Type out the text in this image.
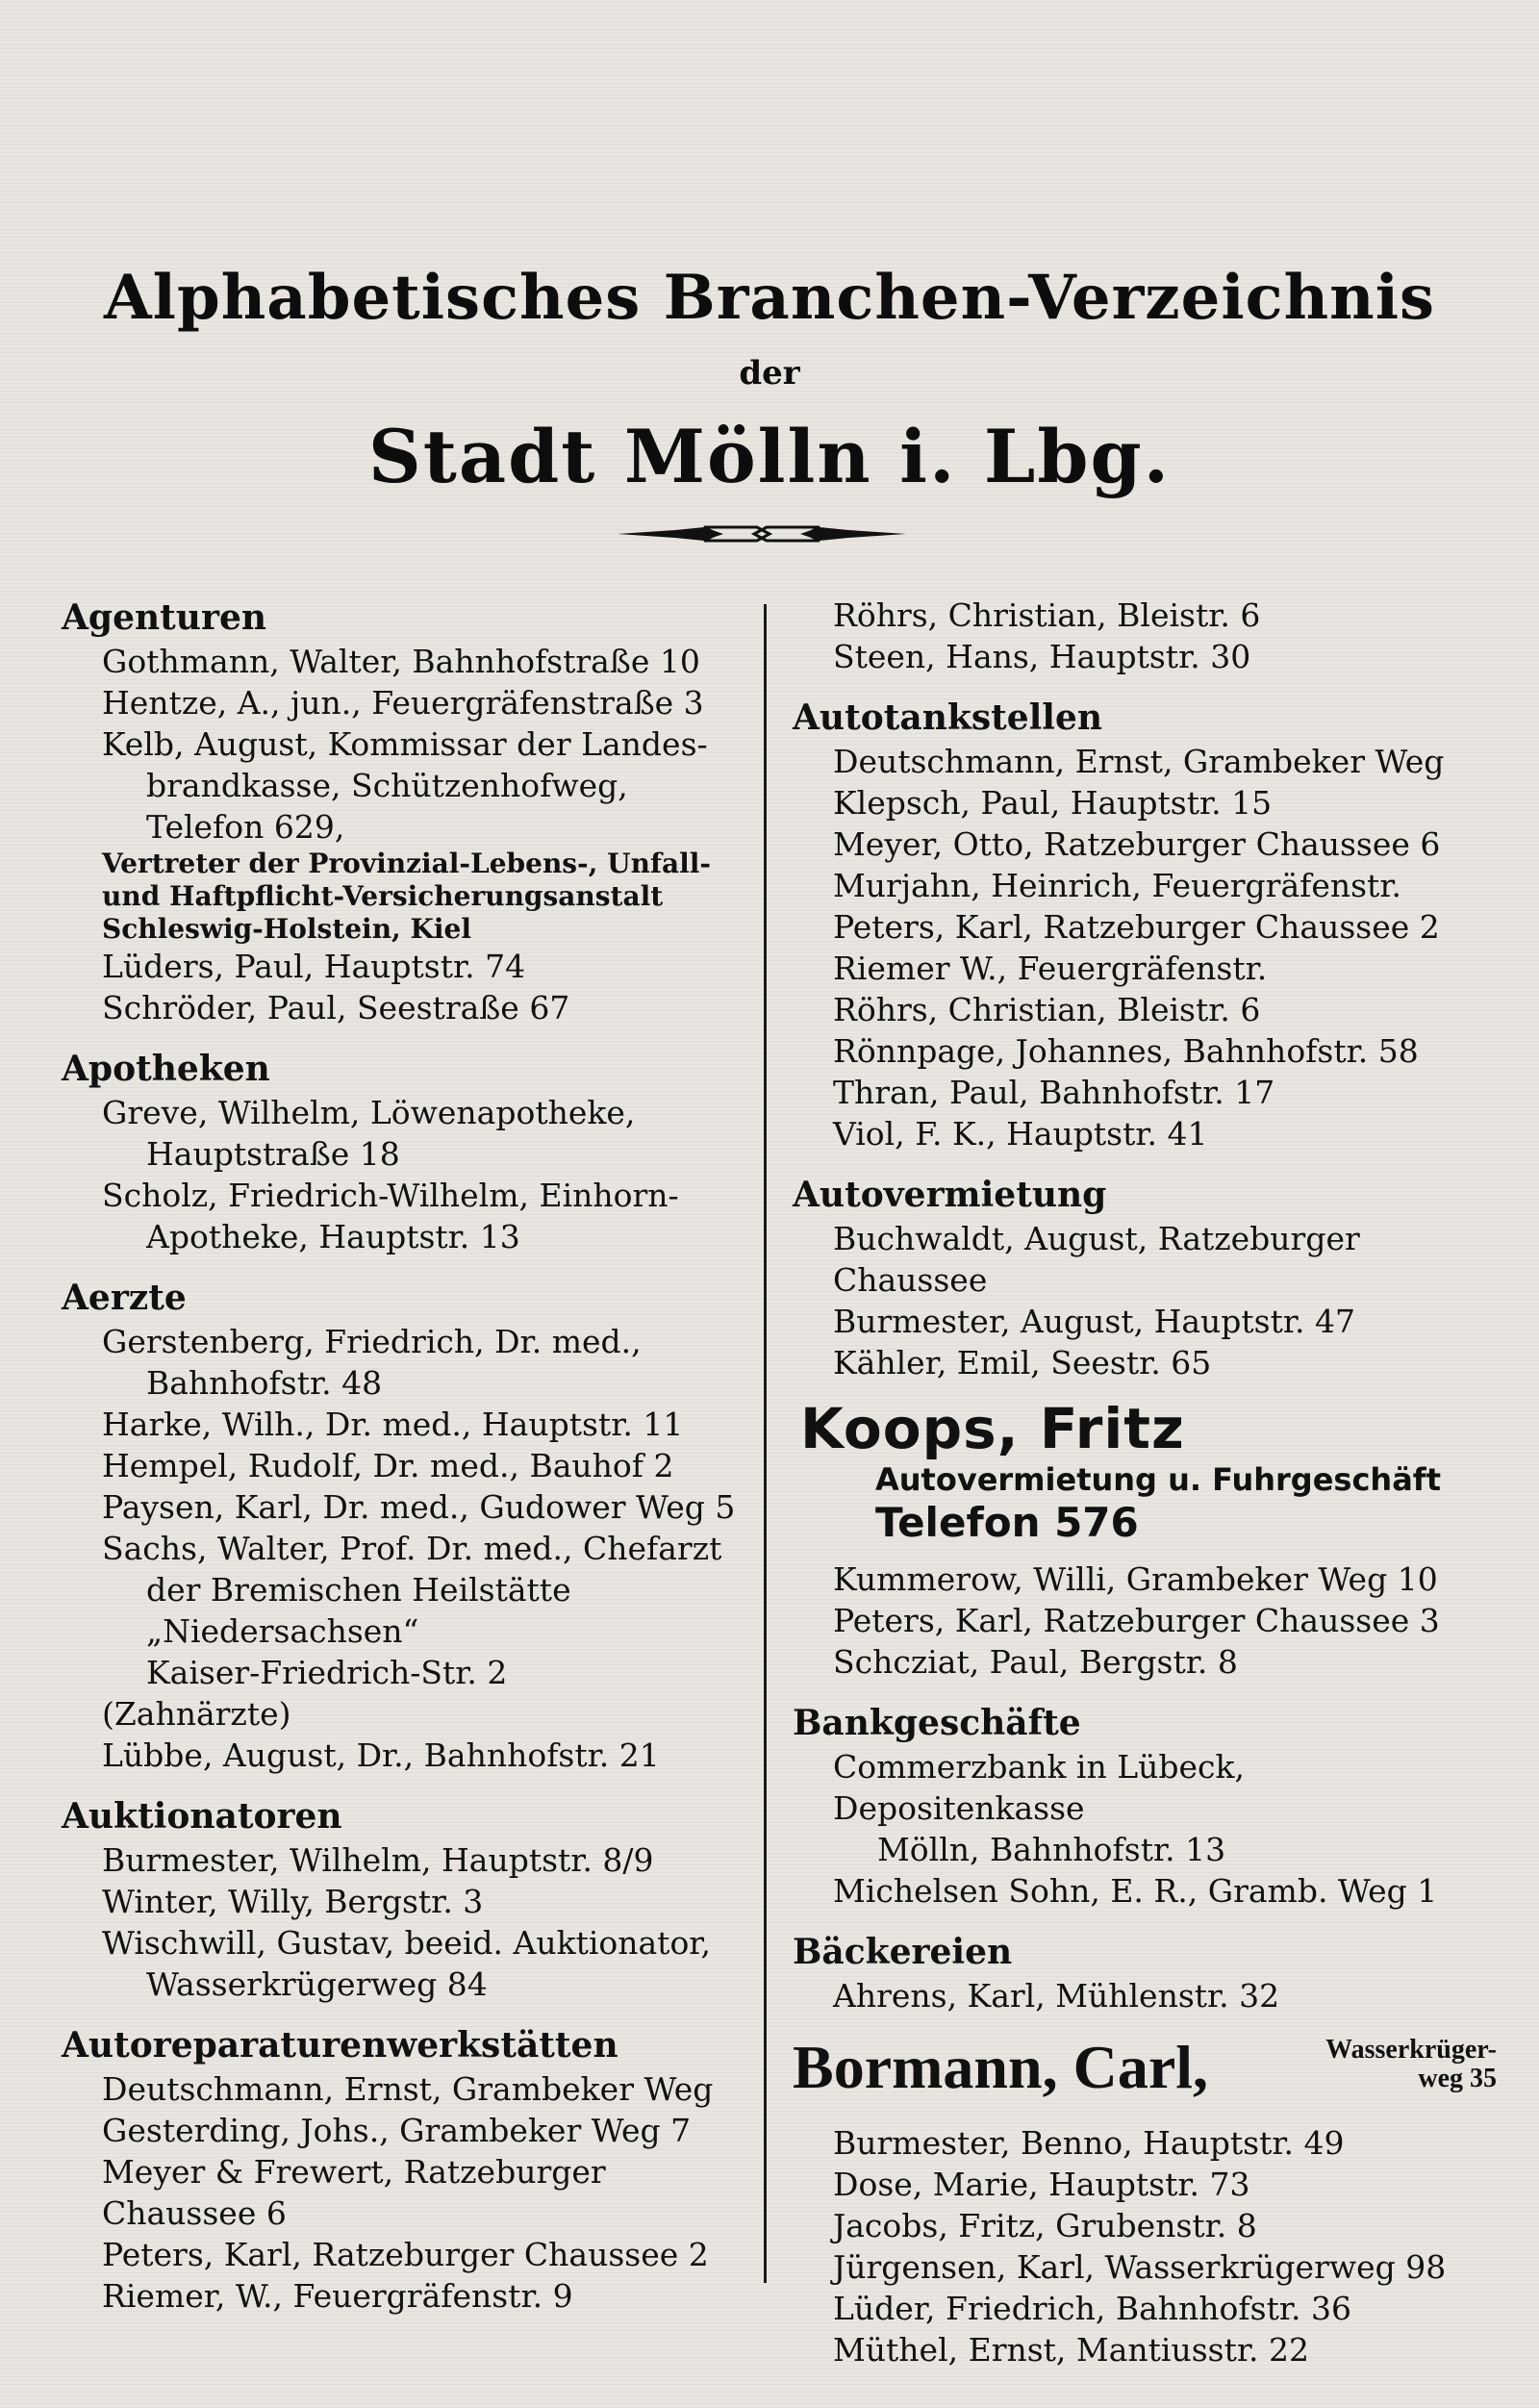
Alphabetisches Branchen-Verzeichnis
der
Stadt Mölln i. Lbg.
Agenturen
Gothmann, Walter, Bahnhofstraße 10
Hentze, A., jun., Feuergräfenstraße 3
Kelb, August, Kommissar der Landes-
brandkasse, Schützenhofweg,
Telefon 629,
Vertreter der Provinzial-Lebens-, Unfall-
und Haftpflicht-Versicherungsanstalt
Schleswig-Holstein, Kiel
Lüders, Paul, Hauptstr. 74
Schröder, Paul, Seestraße 67
Apotheken
Greve, Wilhelm, Löwenapotheke,
Hauptstraße 18
Scholz, Friedrich-Wilhelm, Einhorn-
Apotheke, Hauptstr. 13
Aerzte
Gerstenberg, Friedrich, Dr. med.,
Bahnhofstr. 48
Harke, Wilh., Dr. med., Hauptstr. 11
Hempel, Rudolf, Dr. med., Bauhof 2
Paysen, Karl, Dr. med., Gudower Weg 5
Sachs, Walter, Prof. Dr. med., Chefarzt
der Bremischen Heilstätte „Niedersachsen“
Kaiser-Friedrich-Str. 2
(Zahnärzte)
Lübbe, August, Dr., Bahnhofstr. 21
Auktionatoren
Burmester, Wilhelm, Hauptstr. 8/9
Winter, Willy, Bergstr. 3
Wischwill, Gustav, beeid. Auktionator,
Wasserkrügerweg 84
Autoreparaturenwerkstätten
Deutschmann, Ernst, Grambeker Weg
Gesterding, Johs., Grambeker Weg 7
Meyer & Frewert, Ratzeburger Chaussee 6
Peters, Karl, Ratzeburger Chaussee 2
Riemer, W., Feuergräfenstr. 9
Röhrs, Christian, Bleistr. 6
Steen, Hans, Hauptstr. 30
Autotankstellen
Deutschmann, Ernst, Grambeker Weg
Klepsch, Paul, Hauptstr. 15
Meyer, Otto, Ratzeburger Chaussee 6
Murjahn, Heinrich, Feuergräfenstr.
Peters, Karl, Ratzeburger Chaussee 2
Riemer W., Feuergräfenstr.
Röhrs, Christian, Bleistr. 6
Rönnpage, Johannes, Bahnhofstr. 58
Thran, Paul, Bahnhofstr. 17
Viol, F. K., Hauptstr. 41
Autovermietung
Buchwaldt, August, Ratzeburger Chaussee
Burmester, August, Hauptstr. 47
Kähler, Emil, Seestr. 65
Koops, Fritz
Autovermietung u. Fuhrgeschäft
Telefon 576
Kummerow, Willi, Grambeker Weg 10
Peters, Karl, Ratzeburger Chaussee 3
Schcziat, Paul, Bergstr. 8
Bankgeschäfte
Commerzbank in Lübeck, Depositenkasse
Mölln, Bahnhofstr. 13
Michelsen Sohn, E. R., Gramb. Weg 1
Bäckereien
Ahrens, Karl, Mühlenstr. 32
Bormann, Carl,	Wasserkrüger-
weg 35
Burmester, Benno, Hauptstr. 49
Dose, Marie, Hauptstr. 73
Jacobs, Fritz, Grubenstr. 8
Jürgensen, Karl, Wasserkrügerweg 98
Lüder, Friedrich, Bahnhofstr. 36
Müthel, Ernst, Mantiusstr. 22
